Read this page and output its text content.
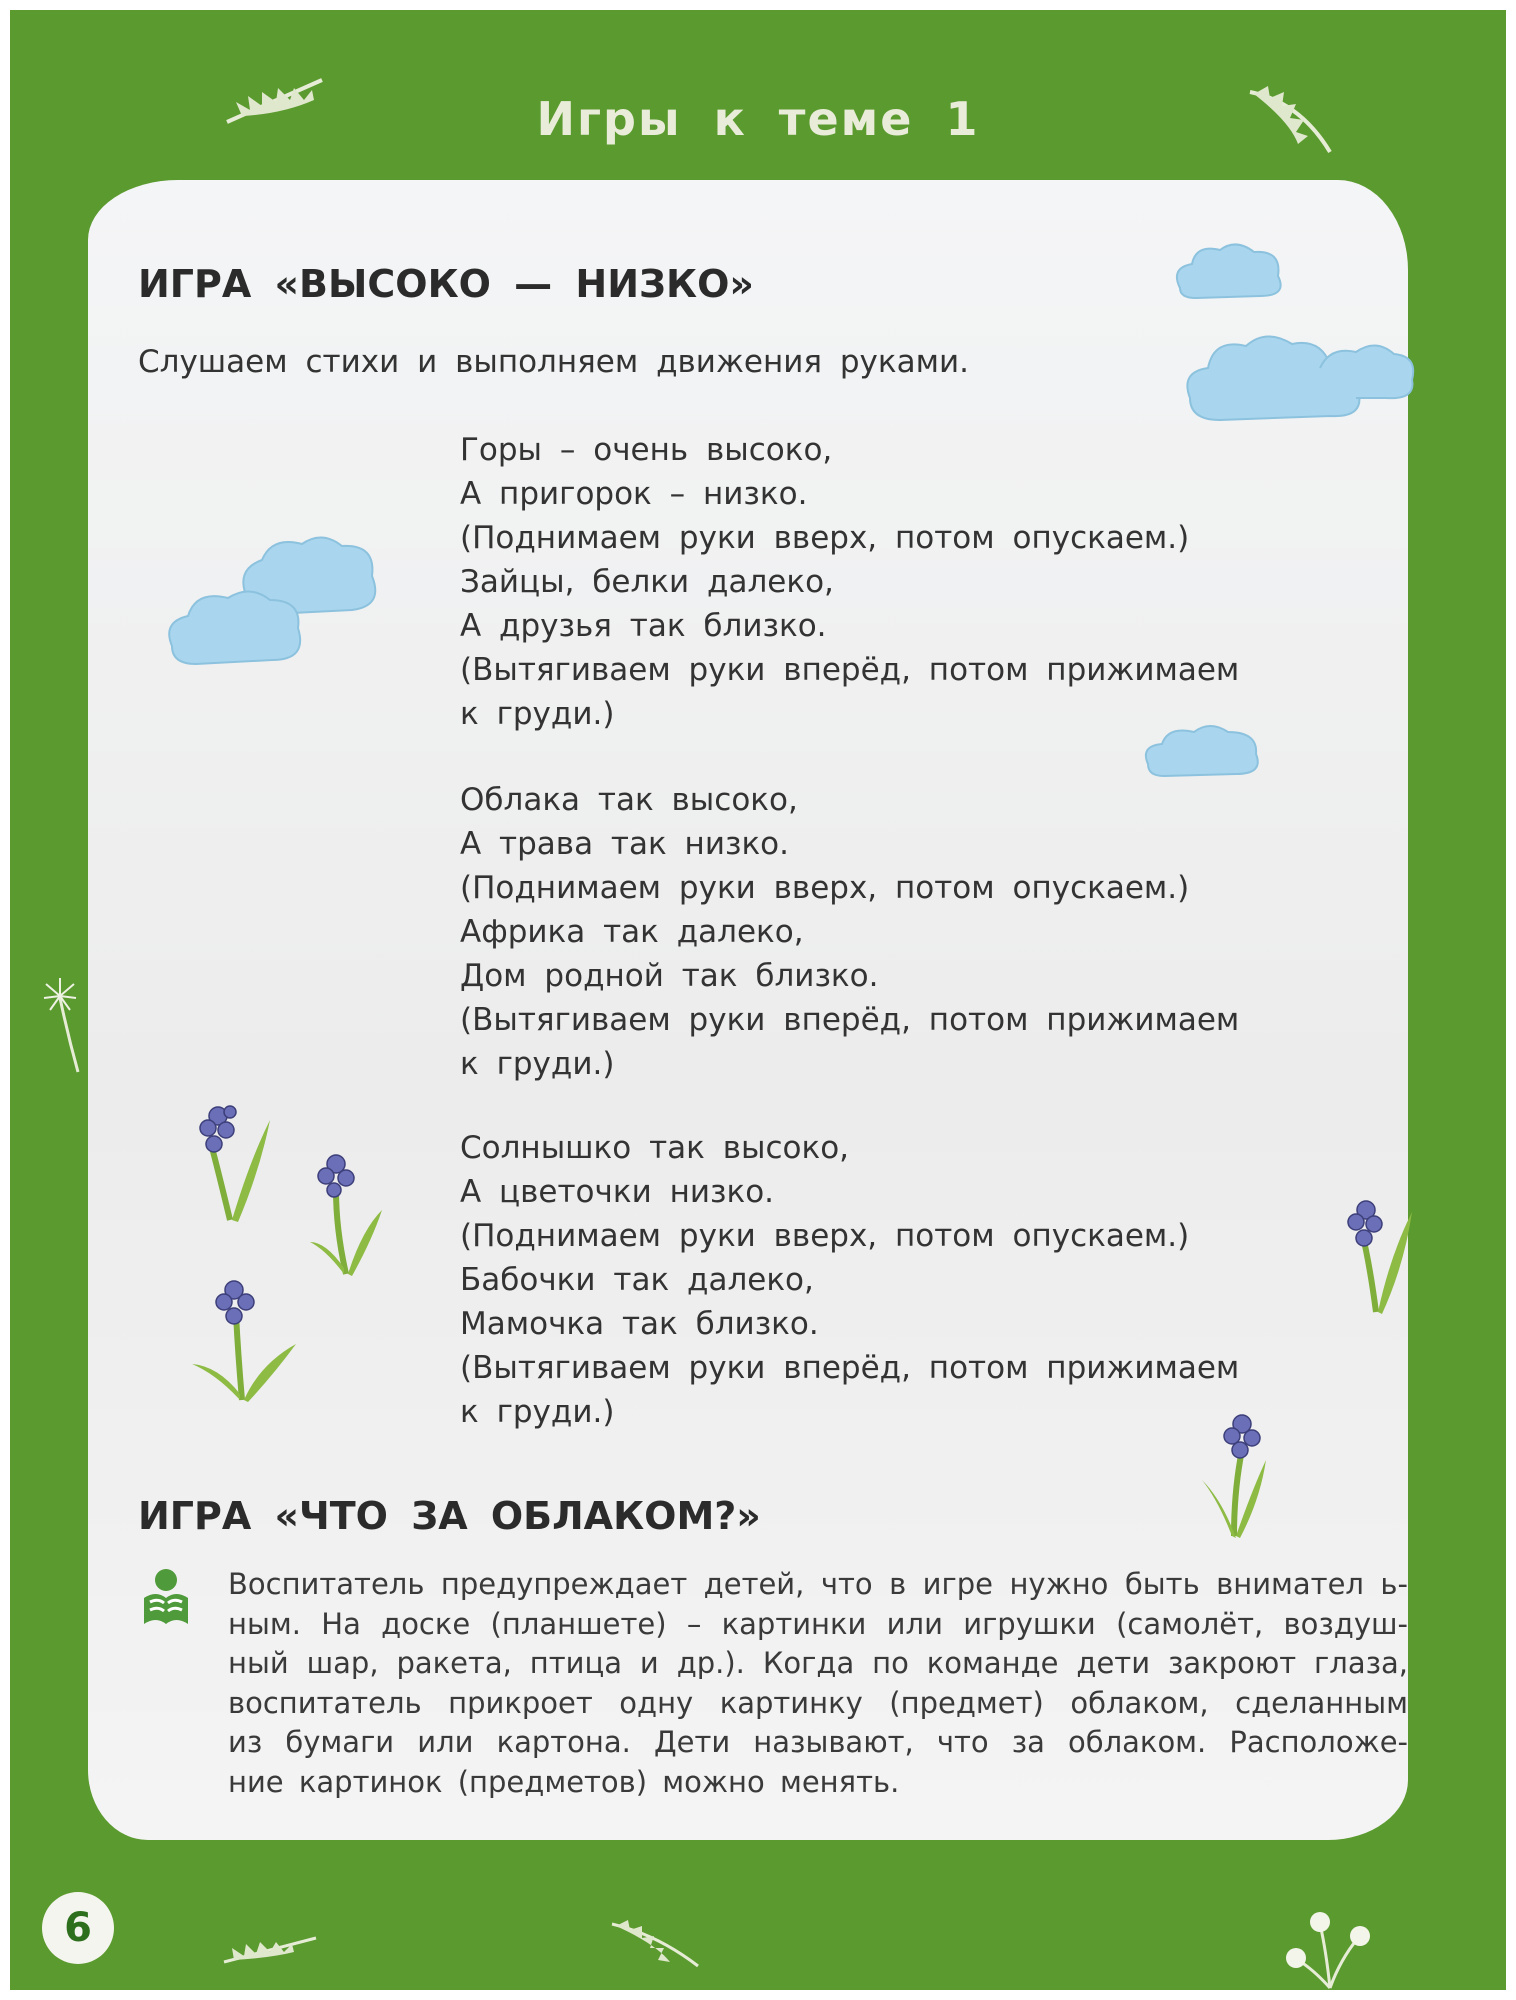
Игры к теме 1
ИГРА «ВЫСОКО — НИЗКО»
Слушаем стихи и выполняем движения руками.
Горы – очень высоко,
А пригорок – низко.
(Поднимаем руки вверх, потом опускаем.)
Зайцы, белки далеко,
А друзья так близко.
(Вытягиваем руки вперёд, потом прижимаем
к груди.)
Облака так высоко,
А трава так низко.
(Поднимаем руки вверх, потом опускаем.)
Африка так далеко,
Дом родной так близко.
(Вытягиваем руки вперёд, потом прижимаем
к груди.)
Солнышко так высоко,
А цветочки низко.
(Поднимаем руки вверх, потом опускаем.)
Бабочки так далеко,
Мамочка так близко.
(Вытягиваем руки вперёд, потом прижимаем
к груди.)
ИГРА «ЧТО ЗА ОБЛАКОМ?»
Воспитатель предупреждает детей, что в игре нужно быть внимател ь-
ным. На доске (планшете) – картинки или игрушки (самолёт, воздуш-
ный шар, ракета, птица и др.). Когда по команде дети закроют глаза,
воспитатель прикроет одну картинку (предмет) облаком, сделанным
из бумаги или картона. Дети называют, что за облаком. Расположе-
ние картинок (предметов) можно менять.
6
